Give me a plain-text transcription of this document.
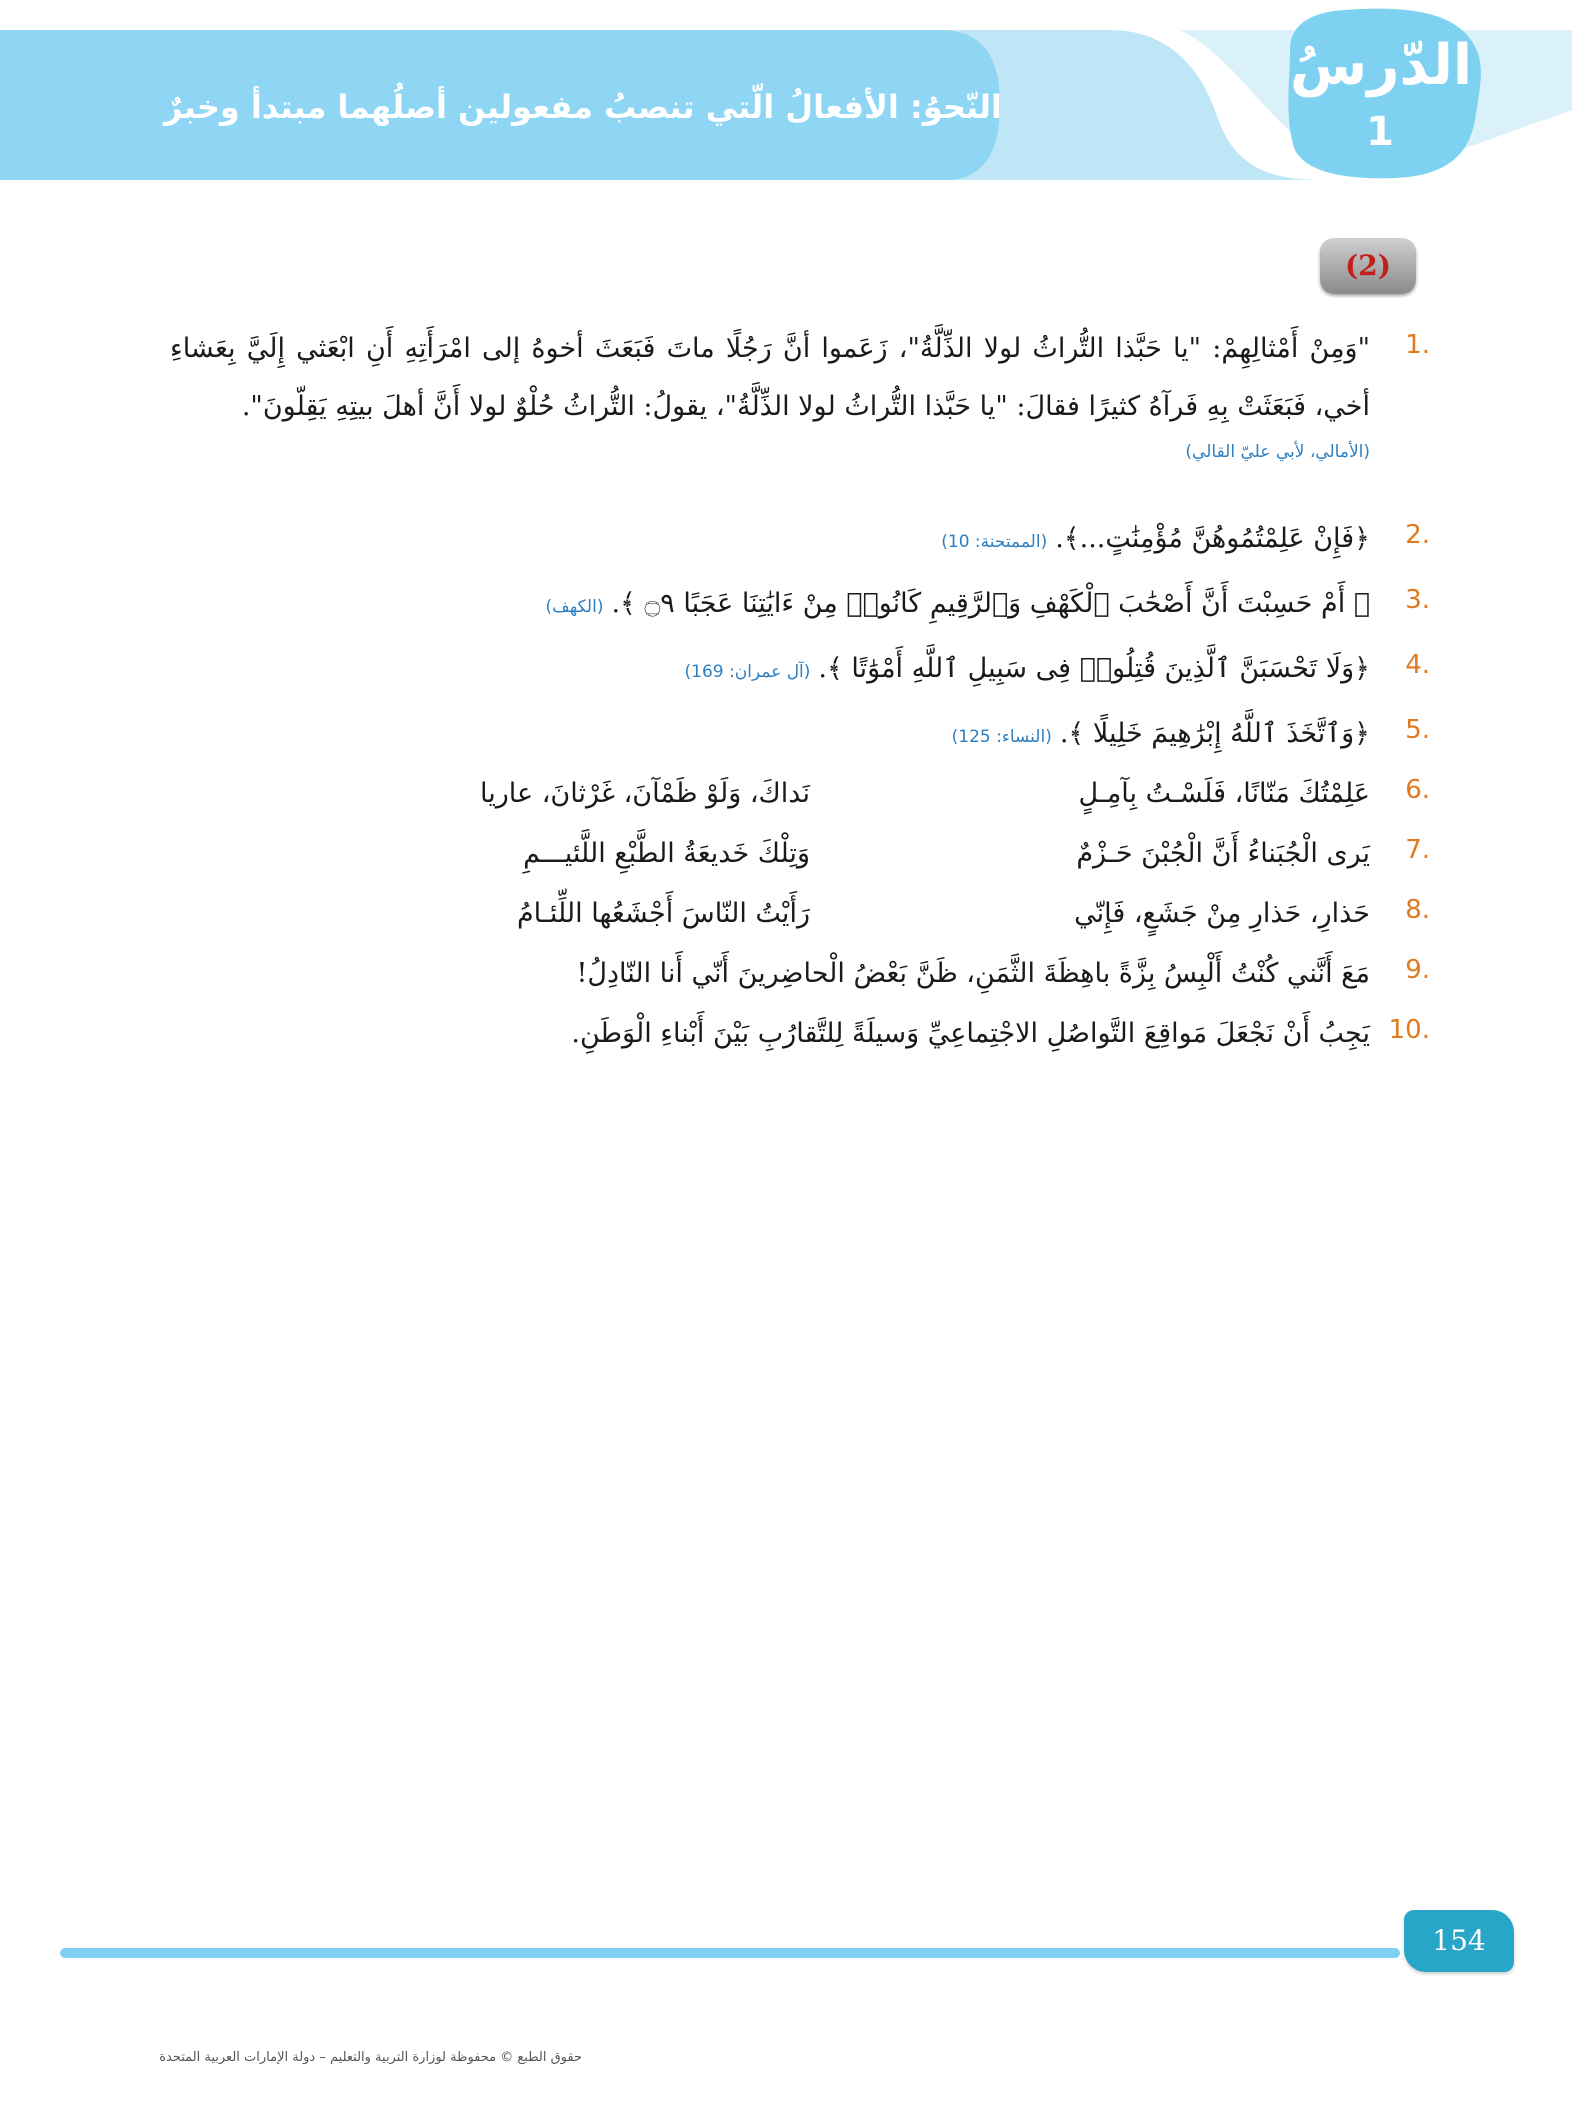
النّحوُ: الأفعالُ الّتي تنصبُ مفعولين أصلُهما مبتدأ وخبرٌ
الدّرسُ
1
(2)
1.
"وَمِنْ أَمْثالِهِمْ: "يا حَبَّذا التُّراثُ لولا الذِّلَّةُ"، زَعَموا أنَّ رَجُلًا ماتَ فَبَعَثَ أخوهُ إلى امْرَأَتِهِ أَنِ ابْعَثي إِلَيَّ بِعَشاءِ أخي، فَبَعَثَتْ بِهِ فَرآهُ كثيرًا فقالَ: "يا حَبَّذا التُّراثُ لولا الذِّلَّةُ"، يقولُ: التُّراثُ حُلْوٌ لولا أَنَّ أهلَ بيتِهِ يَقِلّونَ".
(الأمالي، لأبي عليّ القالي)
2.
﴿فَإِنْ عَلِمْتُمُوهُنَّ مُؤْمِنَٰتٍ...﴾.(الممتحنة: 10)
3.
﴿ أَمْ حَسِبْتَ أَنَّ أَصْحَٰبَ ٱلْكَهْفِ وَٱلرَّقِيمِ كَانُوا۟ مِنْ ءَايَٰتِنَا عَجَبًا ۝٩ ﴾.(الكهف)
4.
﴿وَلَا تَحْسَبَنَّ ٱلَّذِينَ قُتِلُوا۟ فِى سَبِيلِ ٱللَّهِ أَمْوَٰتًا ﴾.(آل عمران: 169)
5.
﴿وَٱتَّخَذَ ٱللَّهُ إِبْرَٰهِيمَ خَلِيلًا ﴾.(النساء: 125)
6.
عَلِمْتُكَ مَنّانًا، فَلَسْـتُ بِآمِـلٍ
نَداكَ، وَلَوْ ظَمْآنَ، غَرْثانَ، عاريا
7.
يَرى الْجُبَناءُ أَنَّ الْجُبْنَ حَـزْمٌ
وَتِلْكَ خَديعَةُ الطَّبْعِ اللَّئيـــمِ
8.
حَذارِ، حَذارِ مِنْ جَشَعٍ، فَإِنّي
رَأَيْتُ النّاسَ أَجْشَعُها اللِّئـامُ
9.
مَعَ أَنَّني كُنْتُ أَلْبِسُ بِزَّةً باهِظَةَ الثَّمَنِ، ظَنَّ بَعْضُ الْحاضِرينَ أَنّي أَنا النّادِلُ!
10.
يَجِبُ أَنْ نَجْعَلَ مَواقِعَ التَّواصُلِ الاجْتِماعِيِّ وَسيلَةً لِلتَّقارُبِ بَيْنَ أَبْناءِ الْوَطَنِ.
154
حقوق الطبع © محفوظة لوزارة التربية والتعليم – دولة الإمارات العربية المتحدة
